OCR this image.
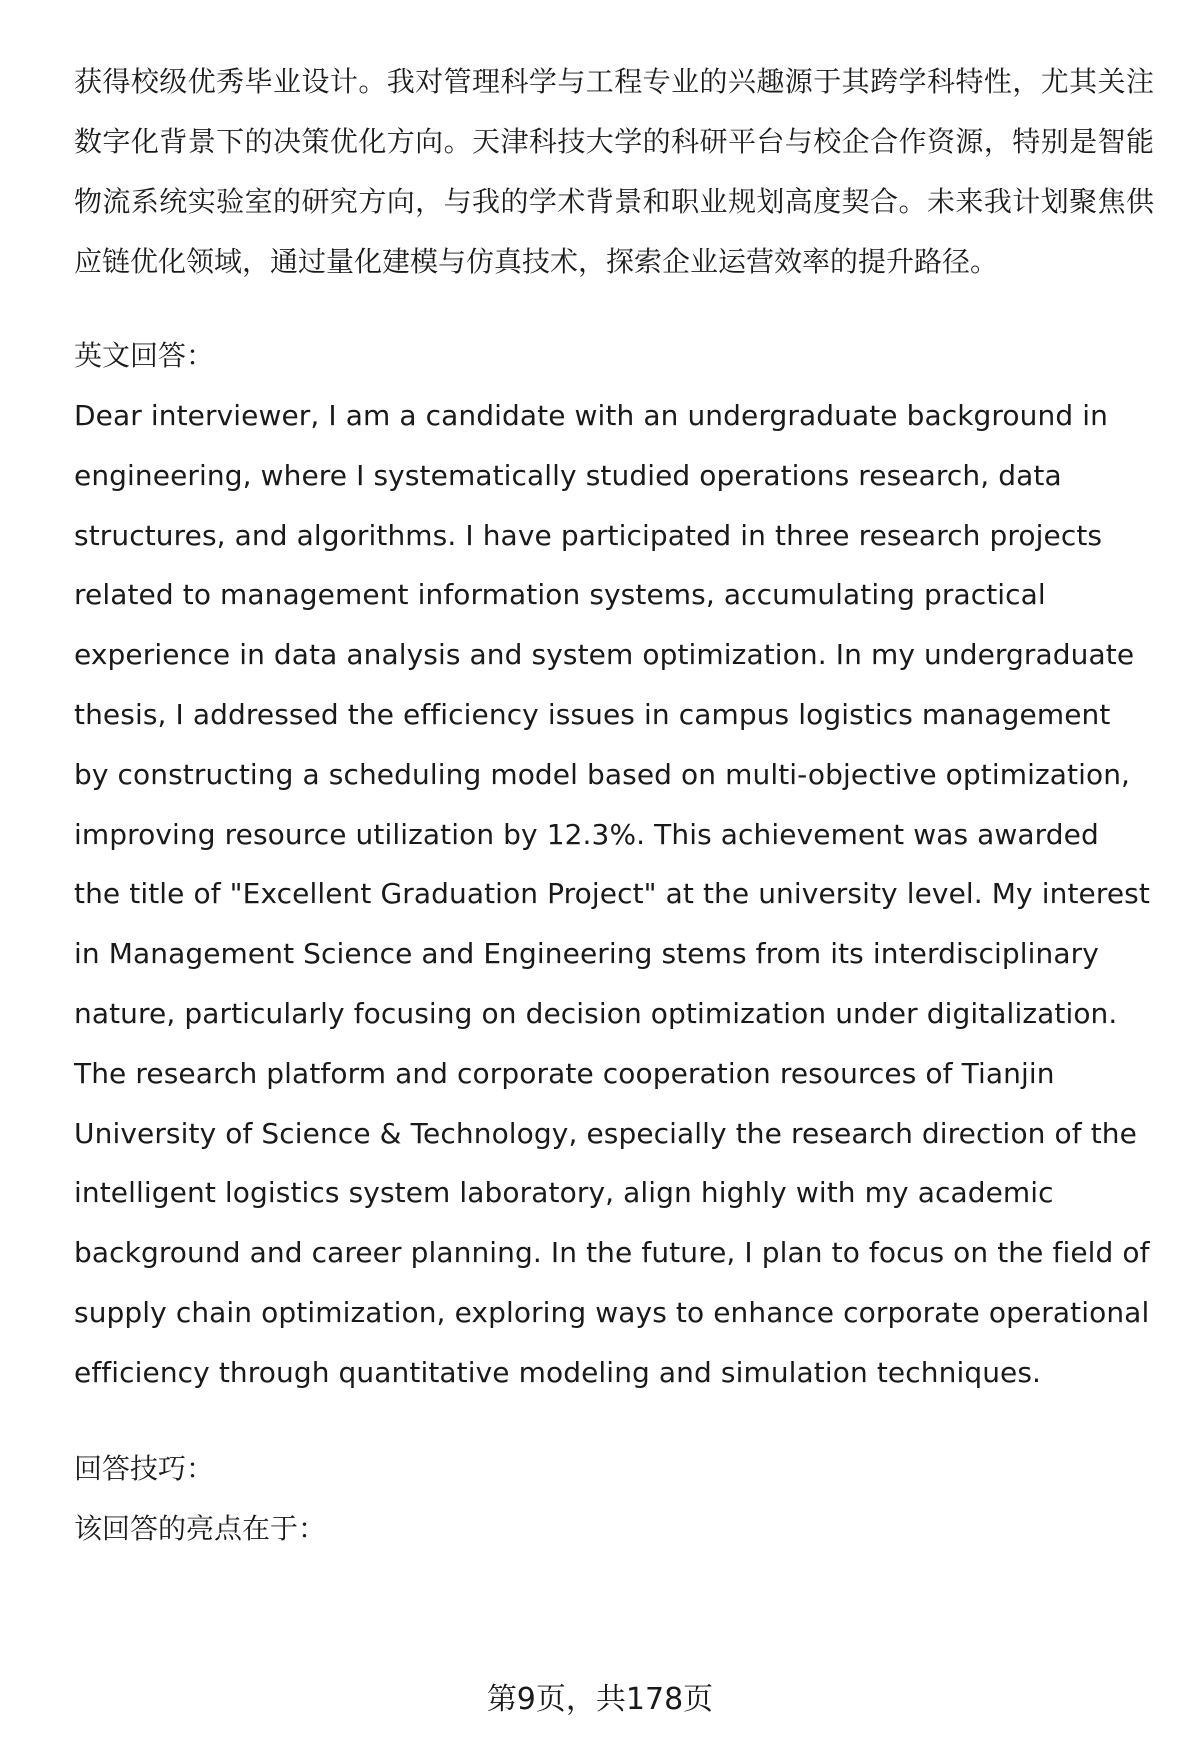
获得校级优秀毕业设计。我对管理科学与工程专业的兴趣源于其跨学科特性，尤其关注数字化背景下的决策优化方向。天津科技大学的科研平台与校企合作资源，特别是智能物流系统实验室的研究方向，与我的学术背景和职业规划高度契合。未来我计划聚焦供应链优化领域，通过量化建模与仿真技术，探索企业运营效率的提升路径。

英文回答：

Dear interviewer, I am a candidate with an undergraduate background in engineering, where I systematically studied operations research, data structures, and algorithms. I have participated in three research projects related to management information systems, accumulating practical experience in data analysis and system optimization. In my undergraduate thesis, I addressed the efficiency issues in campus logistics management by constructing a scheduling model based on multi-objective optimization, improving resource utilization by 12.3%. This achievement was awarded the title of "Excellent Graduation Project" at the university level. My interest in Management Science and Engineering stems from its interdisciplinary nature, particularly focusing on decision optimization under digitalization. The research platform and corporate cooperation resources of Tianjin University of Science & Technology, especially the research direction of the intelligent logistics system laboratory, align highly with my academic background and career planning. In the future, I plan to focus on the field of supply chain optimization, exploring ways to enhance corporate operational efficiency through quantitative modeling and simulation techniques.

回答技巧：

该回答的亮点在于：

第9页，共178页
